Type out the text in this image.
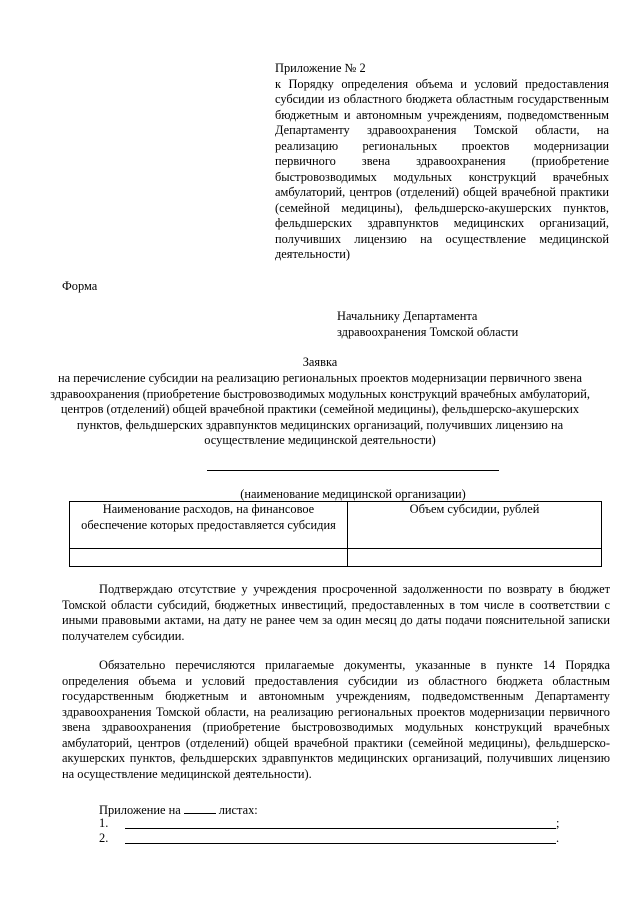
Приложение № 2
к Порядку определения объема и условий предоставления субсидии из областного бюджета областным государственным бюджетным и автономным учреждениям, подведомственным Департаменту здравоохранения Томской области, на реализацию региональных проектов модернизации первичного звена здравоохранения (приобретение быстровозводимых модульных конструкций врачебных амбулаторий, центров (отделений) общей врачебной практики (семейной медицины), фельдшерско-акушерских пунктов, фельдшерских здравпунктов медицинских организаций, получивших лицензию на осуществление медицинской деятельности)
Форма
Начальнику Департамента
здравоохранения Томской области
Заявка
на перечисление субсидии на реализацию региональных проектов модернизации первичного звена здравоохранения (приобретение быстровозводимых модульных конструкций врачебных амбулаторий, центров (отделений) общей врачебной практики (семейной медицины), фельдшерско-акушерских пунктов, фельдшерских здравпунктов медицинских организаций, получивших лицензию на осуществление медицинской деятельности)
(наименование медицинской организации)
Наименование расходов, на финансовое обеспечение которых предоставляется субсидия	Объем субсидии, рублей

Подтверждаю отсутствие у учреждения просроченной задолженности по возврату в бюджет Томской области субсидий, бюджетных инвестиций, предоставленных в том числе в соответствии с иными правовыми актами, на дату не ранее чем за один месяц до даты подачи пояснительной записки получателем субсидии.
Обязательно перечисляются прилагаемые документы, указанные в пункте 14 Порядка определения объема и условий предоставления субсидии из областного бюджета областным государственным бюджетным и автономным учреждениям, подведомственным Департаменту здравоохранения Томской области, на реализацию региональных проектов модернизации первичного звена здравоохранения (приобретение быстровозводимых модульных конструкций врачебных амбулаторий, центров (отделений) общей врачебной практики (семейной медицины), фельдшерско-акушерских пунктов, фельдшерских здравпунктов медицинских организаций, получивших лицензию на осуществление медицинской деятельности).
Приложение на	листах:
1.	;
2.	.
